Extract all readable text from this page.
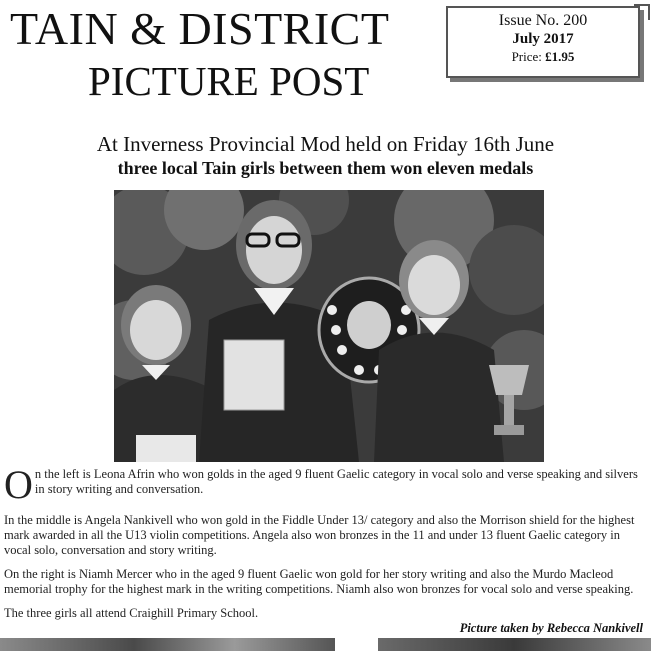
TAIN & DISTRICT
PICTURE POST
Issue No. 200
July 2017
Price: £1.95
At Inverness Provincial Mod held on Friday 16th June
three local Tain girls between them won eleven medals
On the left is Leona Afrin who won golds in the aged 9 fluent Gaelic category in vocal solo and verse speaking and silvers in story writing and conversation.
In the middle is Angela Nankivell who won gold in the Fiddle Under 13/ category and also the Morrison shield for the highest mark awarded in all the U13 violin competitions. Angela also won bronzes in the 11 and under 13 fluent Gaelic category in vocal solo, conversation and story writing.
On the right is Niamh Mercer who in the aged 9 fluent Gaelic won gold for her story writing and also the Murdo Macleod memorial trophy for the highest mark in the writing competitions. Niamh also won bronzes for vocal solo and verse speaking.
The three girls all attend Craighill Primary School.
Picture taken by Rebecca Nankivell
